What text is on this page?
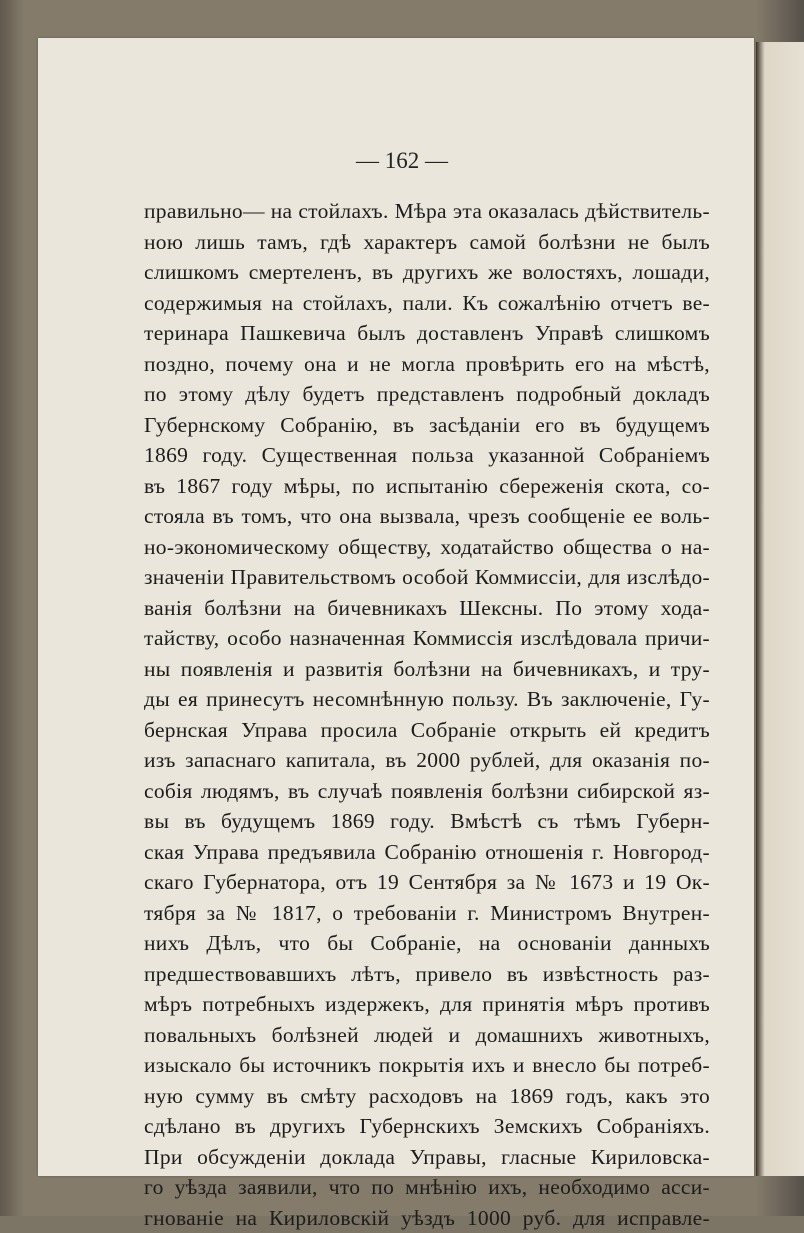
— 162 —
правильно— на стойлахъ. Мѣра эта оказалась дѣйствитель-
ною лишь тамъ, гдѣ характеръ самой болѣзни не былъ
слишкомъ смертеленъ, въ другихъ же волостяхъ, лошади,
содержимыя на стойлахъ, пали. Къ сожалѣнію отчетъ ве-
теринара Пашкевича былъ доставленъ Управѣ слишкомъ
поздно, почему она и не могла провѣрить его на мѣстѣ,
по этому дѣлу будетъ представленъ подробный докладъ
Губернскому Собранію, въ засѣданіи его въ будущемъ
1869 году. Существенная польза указанной Собраніемъ
въ 1867 году мѣры, по испытанію сбереженія скота, со-
стояла въ томъ, что она вызвала, чрезъ сообщеніе ее воль-
но-экономическому обществу, ходатайство общества о на-
значеніи Правительствомъ особой Коммиссіи, для изслѣдо-
ванія болѣзни на бичевникахъ Шексны. По этому хода-
тайству, особо назначенная Коммиссія изслѣдовала причи-
ны появленія и развитія болѣзни на бичевникахъ, и тру-
ды ея принесутъ несомнѣнную пользу. Въ заключеніе, Гу-
бернская Управа просила Собраніе открыть ей кредитъ
изъ запаснаго капитала, въ 2000 рублей, для оказанія по-
собія людямъ, въ случаѣ появленія болѣзни сибирской яз-
вы въ будущемъ 1869 году. Вмѣстѣ съ тѣмъ Губерн-
ская Управа предъявила Собранію отношенія г. Новгород-
скаго Губернатора, отъ 19 Сентября за № 1673 и 19 Ок-
тября за № 1817, о требованіи г. Министромъ Внутрен-
нихъ Дѣлъ, что бы Собраніе, на основаніи данныхъ
предшествовавшихъ лѣтъ, привело въ извѣстность раз-
мѣръ потребныхъ издержекъ, для принятія мѣръ противъ
повальныхъ болѣзней людей и домашнихъ животныхъ,
изыскало бы источникъ покрытія ихъ и внесло бы потреб-
ную сумму въ смѣту расходовъ на 1869 годъ, какъ это
сдѣлано въ другихъ Губернскихъ Земскихъ Собраніяхъ.
При обсужденіи доклада Управы, гласные Кириловска-
го уѣзда заявили, что по мнѣнію ихъ, необходимо асси-
гнованіе на Кириловскій уѣздъ 1000 руб. для исправле-
